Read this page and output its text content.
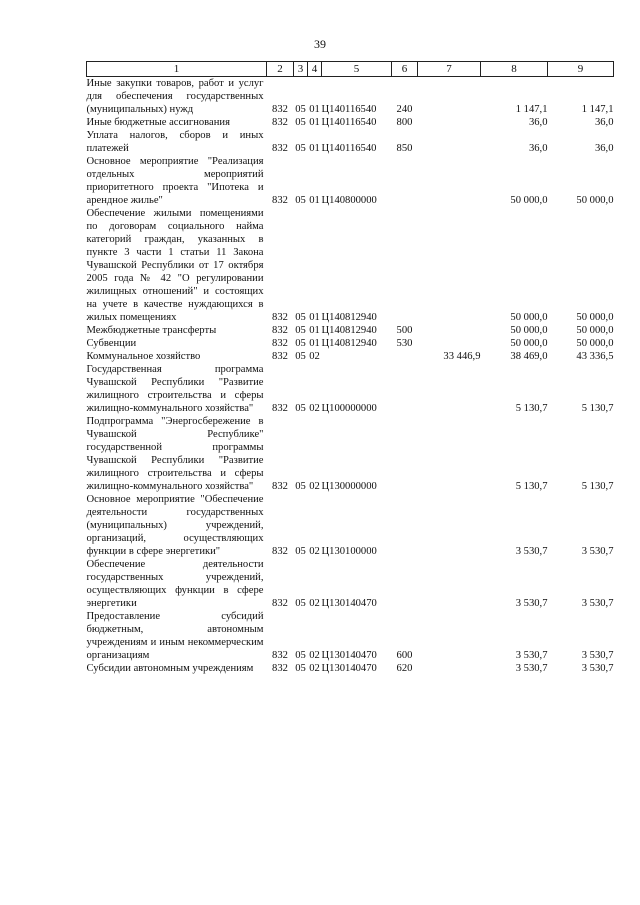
39
1	2	3	4	5	6	7	8	9
Иные закупки товаров, работ и услуг для обеспечения государственных (муниципальных) нужд	832	05	01	Ц140116540	240		1 147,1	1 147,1
Иные бюджетные ассигнования	832	05	01	Ц140116540	800		36,0	36,0
Уплата налогов, сборов и иных платежей	832	05	01	Ц140116540	850		36,0	36,0
Основное мероприятие "Реализация отдельных мероприятий приоритетного проекта "Ипотека и арендное жилье"	832	05	01	Ц140800000			50 000,0	50 000,0
Обеспечение жилыми помещениями по договорам социального найма категорий граждан, указанных в пункте 3 части 1 статьи 11 Закона Чувашской Республики от 17 октября 2005 года № 42 "О регулировании жилищных отношений" и состоящих на учете в качестве нуждающихся в жилых помещениях	832	05	01	Ц140812940			50 000,0	50 000,0
Межбюджетные трансферты	832	05	01	Ц140812940	500		50 000,0	50 000,0
Субвенции	832	05	01	Ц140812940	530		50 000,0	50 000,0
Коммунальное хозяйство	832	05	02			33 446,9	38 469,0	43 336,5
Государственная программа Чувашской Республики "Развитие жилищного строительства и сферы жилищно-коммунального хозяйства"	832	05	02	Ц100000000			5 130,7	5 130,7
Подпрограмма "Энергосбережение в Чувашской Республике" государственной программы Чувашской Республики "Развитие жилищного строительства и сферы жилищно-коммунального хозяйства"	832	05	02	Ц130000000			5 130,7	5 130,7
Основное мероприятие "Обеспечение деятельности государственных (муниципальных) учреждений, организаций, осуществляющих функции в сфере энергетики"	832	05	02	Ц130100000			3 530,7	3 530,7
Обеспечение деятельности государственных учреждений, осуществляющих функции в сфере энергетики	832	05	02	Ц130140470			3 530,7	3 530,7
Предоставление субсидий бюджетным, автономным учреждениям и иным некоммерческим организациям	832	05	02	Ц130140470	600		3 530,7	3 530,7
Субсидии автономным учреждениям	832	05	02	Ц130140470	620		3 530,7	3 530,7
